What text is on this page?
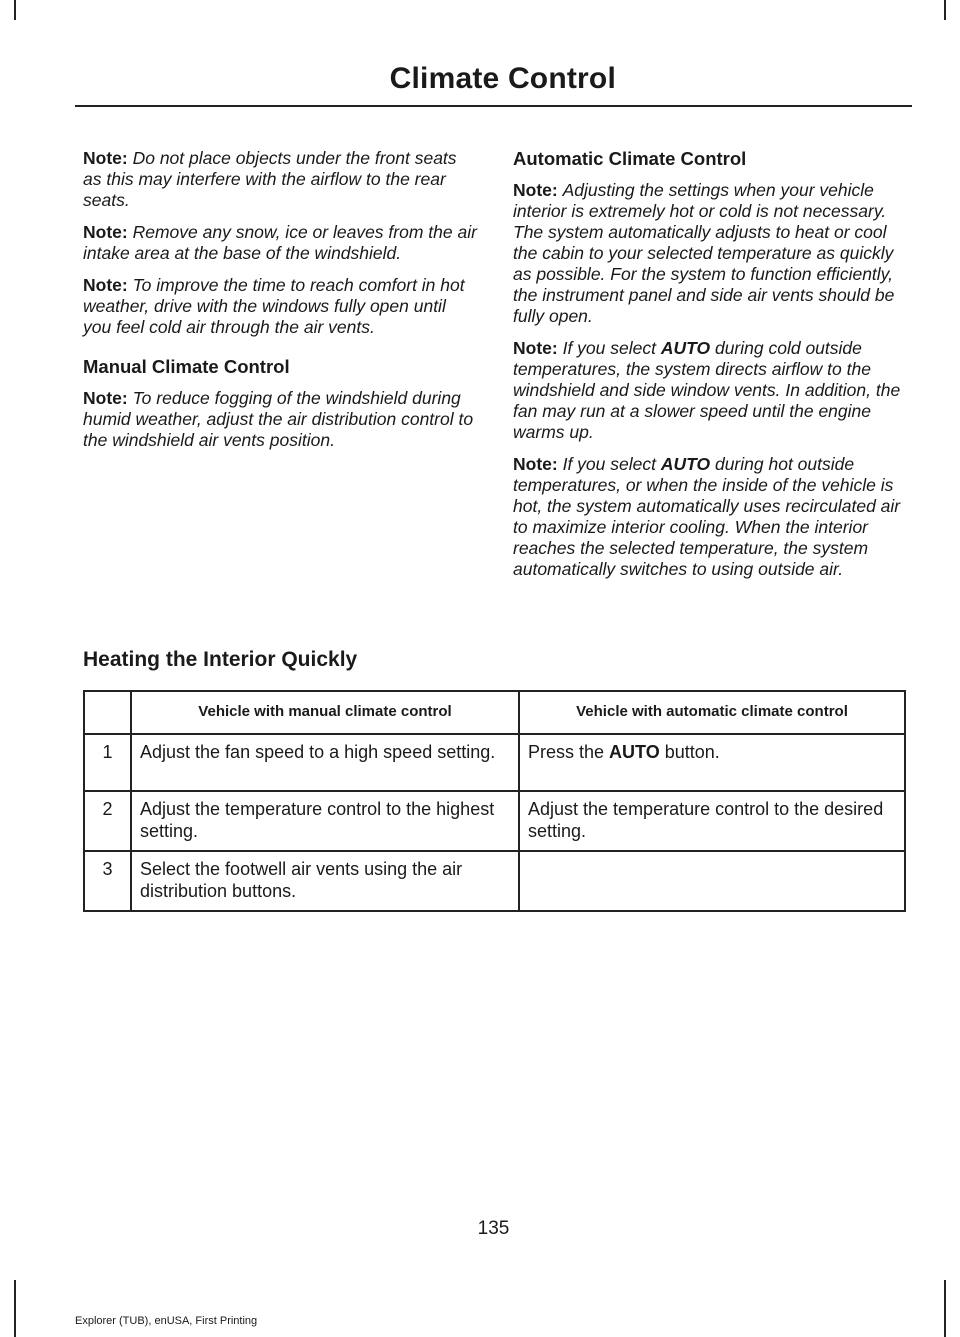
Climate Control

Note: Do not place objects under the front seats as this may interfere with the airflow to the rear seats.

Note: Remove any snow, ice or leaves from the air intake area at the base of the windshield.

Note: To improve the time to reach comfort in hot weather, drive with the windows fully open until you feel cold air through the air vents.

Manual Climate Control

Note: To reduce fogging of the windshield during humid weather, adjust the air distribution control to the windshield air vents position.

Automatic Climate Control

Note: Adjusting the settings when your vehicle interior is extremely hot or cold is not necessary. The system automatically adjusts to heat or cool the cabin to your selected temperature as quickly as possible. For the system to function efficiently, the instrument panel and side air vents should be fully open.

Note: If you select AUTO during cold outside temperatures, the system directs airflow to the windshield and side window vents. In addition, the fan may run at a slower speed until the engine warms up.

Note: If you select AUTO during hot outside temperatures, or when the inside of the vehicle is hot, the system automatically uses recirculated air to maximize interior cooling. When the interior reaches the selected temperature, the system automatically switches to using outside air.

Heating the Interior Quickly
	Vehicle with manual climate control	Vehicle with automatic climate control
1	Adjust the fan speed to a high speed setting.	Press the AUTO button.
2	Adjust the temperature control to the highest setting.	Adjust the temperature control to the desired setting.
3	Select the footwell air vents using the air distribution buttons.	
135
Explorer (TUB), enUSA, First Printing
